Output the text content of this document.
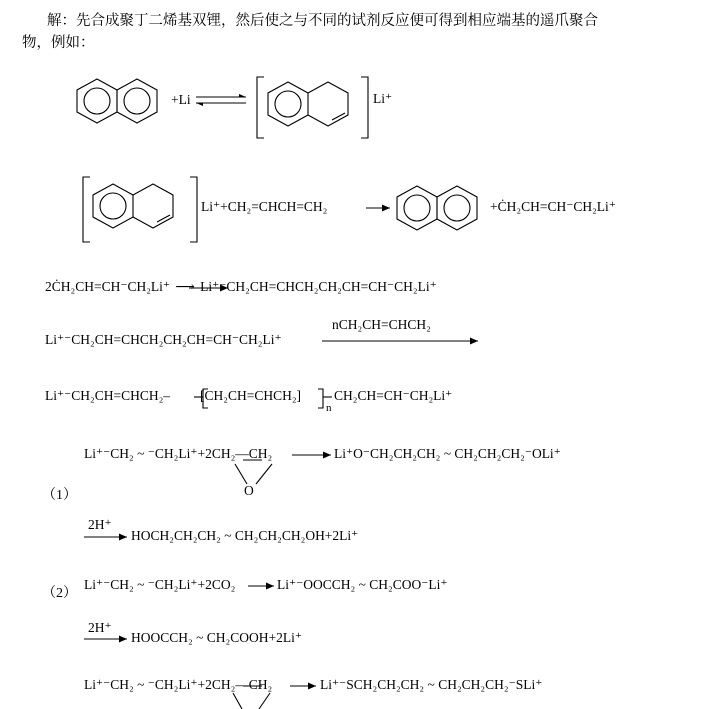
解：先合成聚丁二烯基双锂，然后使之与不同的试剂反应便可得到相应端基的遥爪聚合
物，例如：
+Li	Li⁺
Li⁺+CH₂=CHCH=CH₂	+ĊH₂CH=CH⁻CH₂Li⁺
2ĊH₂CH=CH⁻CH₂Li⁺ ⟶ Li⁺⁻CH₂CH=CHCH₂CH₂CH=CH⁻CH₂Li⁺
Li⁺⁻CH₂CH=CHCH₂CH₂CH=CH⁻CH₂Li⁺
nCH₂CH=CHCH₂
Li⁺⁻CH₂CH=CHCH₂– [CH₂CH=CHCH₂]
n
CH₂CH=CH⁻CH₂Li⁺
Li⁺⁻CH₂ ~ ⁻CH₂Li⁺+2CH₂—CH₂
O
Li⁺O⁻CH₂CH₂CH₂ ~ CH₂CH₂CH₂⁻OLi⁺
（1）
2H⁺
HOCH₂CH₂CH₂ ~ CH₂CH₂CH₂OH+2Li⁺
（2）
Li⁺⁻CH₂ ~ ⁻CH₂Li⁺+2CO₂	Li⁺⁻OOCCH₂ ~ CH₂COO⁻Li⁺
2H⁺
HOOCCH₂ ~ CH₂COOH+2Li⁺
Li⁺⁻CH₂ ~ ⁻CH₂Li⁺+2CH₂—CH₂	Li⁺⁻SCH₂CH₂CH₂ ~ CH₂CH₂CH₂⁻SLi⁺
